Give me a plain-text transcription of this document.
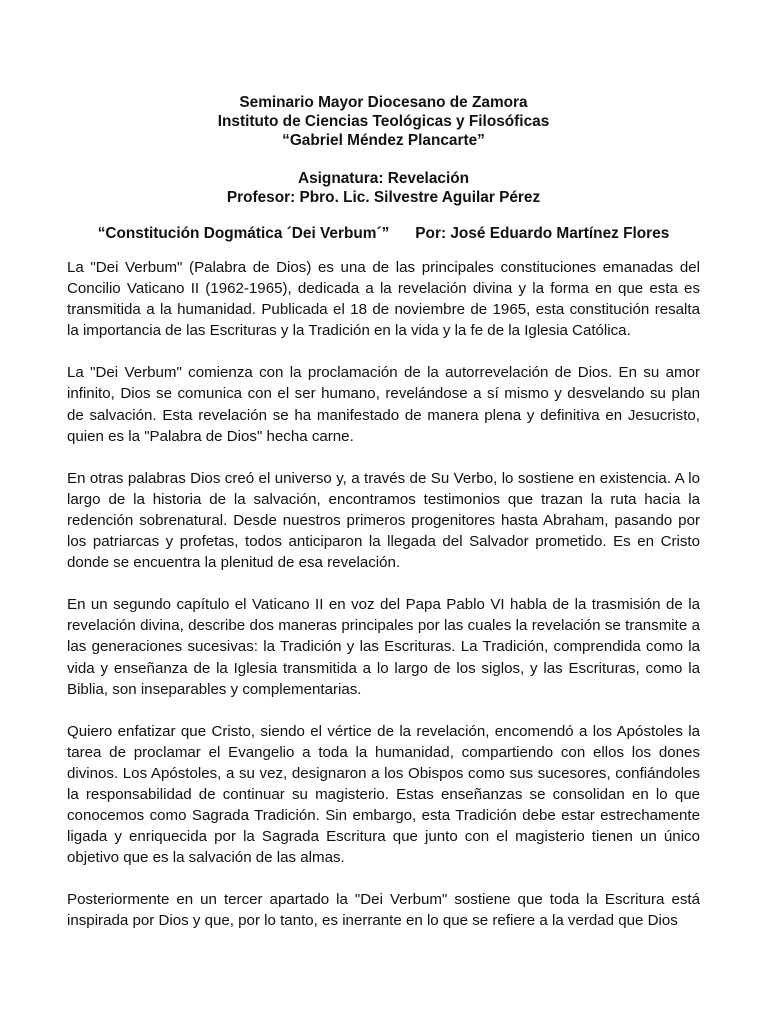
Seminario Mayor Diocesano de Zamora
Instituto de Ciencias Teológicas y Filosóficas
“Gabriel Méndez Plancarte”
Asignatura: Revelación
Profesor: Pbro. Lic. Silvestre Aguilar Pérez
“Constitución Dogmática ´Dei Verbum´” Por: José Eduardo Martínez Flores

La "Dei Verbum" (Palabra de Dios) es una de las principales constituciones emanadas del Concilio Vaticano II (1962-1965), dedicada a la revelación divina y la forma en que esta es transmitida a la humanidad. Publicada el 18 de noviembre de 1965, esta constitución resalta la importancia de las Escrituras y la Tradición en la vida y la fe de la Iglesia Católica.

La "Dei Verbum" comienza con la proclamación de la autorrevelación de Dios. En su amor infinito, Dios se comunica con el ser humano, revelándose a sí mismo y desvelando su plan de salvación. Esta revelación se ha manifestado de manera plena y definitiva en Jesucristo, quien es la "Palabra de Dios" hecha carne.

En otras palabras Dios creó el universo y, a través de Su Verbo, lo sostiene en existencia. A lo largo de la historia de la salvación, encontramos testimonios que trazan la ruta hacia la redención sobrenatural. Desde nuestros primeros progenitores hasta Abraham, pasando por los patriarcas y profetas, todos anticiparon la llegada del Salvador prometido. Es en Cristo donde se encuentra la plenitud de esa revelación.

En un segundo capítulo el Vaticano II en voz del Papa Pablo VI habla de la trasmisión de la revelación divina, describe dos maneras principales por las cuales la revelación se transmite a las generaciones sucesivas: la Tradición y las Escrituras. La Tradición, comprendida como la vida y enseñanza de la Iglesia transmitida a lo largo de los siglos, y las Escrituras, como la Biblia, son inseparables y complementarias.

Quiero enfatizar que Cristo, siendo el vértice de la revelación, encomendó a los Apóstoles la tarea de proclamar el Evangelio a toda la humanidad, compartiendo con ellos los dones divinos. Los Apóstoles, a su vez, designaron a los Obispos como sus sucesores, confiándoles la responsabilidad de continuar su magisterio. Estas enseñanzas se consolidan en lo que conocemos como Sagrada Tradición. Sin embargo, esta Tradición debe estar estrechamente ligada y enriquecida por la Sagrada Escritura que junto con el magisterio tienen un único objetivo que es la salvación de las almas.

Posteriormente en un tercer apartado la "Dei Verbum" sostiene que toda la Escritura está inspirada por Dios y que, por lo tanto, es inerrante en lo que se refiere a la verdad que Dios
